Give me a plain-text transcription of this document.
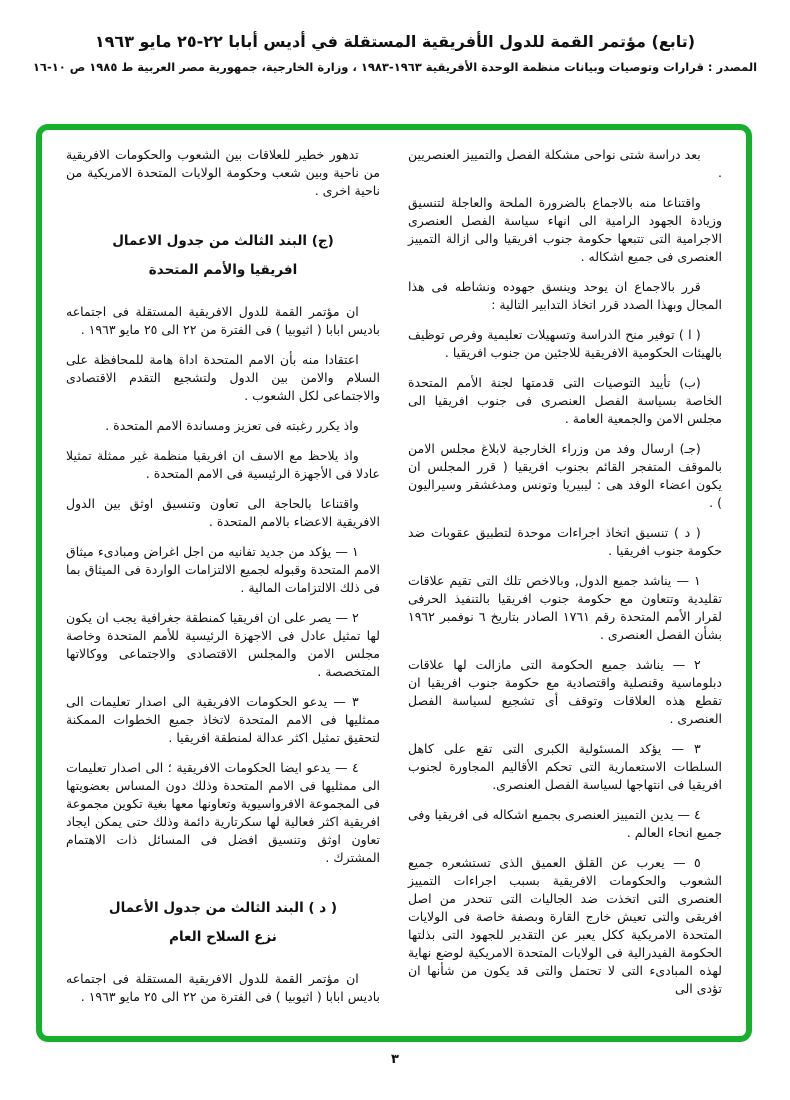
(تابع) مؤتمر القمة للدول الأفريقية المستقلة في أديس أبابا ٢٢-٢٥ مايو ١٩٦٣
المصدر : قرارات وتوصيات وبيانات منظمة الوحدة الأفريقية ١٩٦٣-١٩٨٣ ، وزارة الخارجية، جمهورية مصر العربية ط ١٩٨٥ ص ١٠-١٦
بعد دراسة شتى نواحى مشكلة الفصل والتمييز العنصريين .
واقتناعا منه بالاجماع بالضرورة الملحة والعاجلة لتنسيق وزيادة الجهود الرامية الى انهاء سياسة الفصل العنصرى الاجرامية التى تتبعها حكومة جنوب افريقيا والى ازالة التمييز العنصرى فى جميع اشكاله .
قرر بالاجماع ان يوحد وينسق جهوده ونشاطه فى هذا المجال وبهذا الصدد قرر اتخاذ التدابير التالية :
( ا ) توفير منح الدراسة وتسهيلات تعليمية وفرص توظيف بالهيئات الحكومية الافريقية للاجئين من جنوب افريقيا .
(ب) تأييد التوصيات التى قدمتها لجنة الأمم المتحدة الخاصة بسياسة الفصل العنصرى فى جنوب افريقيا الى مجلس الامن والجمعية العامة .
(جـ) ارسال وفد من وزراء الخارجية لابلاغ مجلس الامن بالموقف المتفجر القائم بجنوب افريقيا ( قرر المجلس ان يكون اعضاء الوفد هى : ليبيريا وتونس ومدغشقر وسيراليون ) .
( د ) تنسيق اتخاذ اجراءات موحدة لتطبيق عقوبات ضد حكومة جنوب افريقيا .
١ — يناشد جميع الدول, وبالاخص تلك التى تقيم علاقات تقليدية وتتعاون مع حكومة جنوب افريقيا بالتنفيذ الحرفى لقرار الأمم المتحدة رقم ١٧٦١ الصادر بتاريخ ٦ نوفمبر ١٩٦٢ بشأن الفصل العنصرى .
٢ — يناشد جميع الحكومة التى مازالت لها علاقات دبلوماسية وقنصلية واقتصادية مع حكومة جنوب افريقيا ان تقطع هذه العلاقات وتوقف أى تشجيع لسياسة الفصل العنصرى .
٣ — يؤكد المسئولية الكبرى التى تقع على كاهل السلطات الاستعمارية التى تحكم الأقاليم المجاورة لجنوب افريقيا فى انتهاجها لسياسة الفصل العنصرى.
٤ — يدين التمييز العنصرى بجميع اشكاله فى افريقيا وفى جميع انحاء العالم .
٥ — يعرب عن القلق العميق الذى تستشعره جميع الشعوب والحكومات الافريقية بسبب اجراءات التمييز العنصرى التى اتخذت ضد الجاليات التى تنحدر من اصل افريقى والتى تعيش خارج القارة وبصفة خاصة فى الولايات المتحدة الامريكية ككل يعبر عن التقدير للجهود التى بذلتها الحكومة الفيدرالية فى الولايات المتحدة الامريكية لوضع نهاية لهذه المبادىء التى لا تحتمل والتى قد يكون من شأنها ان تؤدى الى
تدهور خطير للعلاقات بين الشعوب والحكومات الافريقية من ناحية وبين شعب وحكومة الولايات المتحدة الامريكية من ناحية اخرى .
(ج) البند الثالث من جدول الاعمال
افريقيا والأمم المتحدة
ان مؤتمر القمة للدول الافريقية المستقلة فى اجتماعه باديس ابابا ( اثيوبيا ) فى الفترة من ٢٢ الى ٢٥ مايو ١٩٦٣ .
اعتقادا منه بأن الامم المتحدة اداة هامة للمحافظة على السلام والامن بين الدول ولتشجيع التقدم الاقتصادى والاجتماعى لكل الشعوب .
واذ يكرر رغبته فى تعزيز ومساندة الامم المتحدة .
واذ يلاحظ مع الاسف ان افريقيا منظمة غير ممثلة تمثيلا عادلا فى الأجهزة الرئيسية فى الامم المتحدة .
واقتناعا بالحاجة الى تعاون وتنسيق اوثق بين الدول الافريقية الاعضاء بالامم المتحدة .
١ — يؤكد من جديد تفانيه من اجل اغراض ومبادىء ميثاق الامم المتحدة وقبوله لجميع الالتزامات الواردة فى الميثاق بما فى ذلك الالتزامات المالية .
٢ — يصر على ان افريقيا كمنطقة جغرافية يجب ان يكون لها تمثيل عادل فى الاجهزة الرئيسية للأمم المتحدة وخاصة مجلس الامن والمجلس الاقتصادى والاجتماعى ووكالاتها المتخصصة .
٣ — يدعو الحكومات الافريقية الى اصدار تعليمات الى ممثليها فى الامم المتحدة لاتخاذ جميع الخطوات الممكنة لتحقيق تمثيل اكثر عدالة لمنطقة افريقيا .
٤ — يدعو ايضا الحكومات الافريقية ؛ الى اصدار تعليمات الى ممثليها فى الامم المتحدة وذلك دون المساس بعضويتها فى المجموعة الافرواسيوية وتعاونها معها بغية تكوين مجموعة افريقية اكثر فعالية لها سكرتارية دائمة وذلك حتى يمكن ايجاد تعاون اوثق وتنسيق افضل فى المسائل ذات الاهتمام المشترك .
( د ) البند الثالث من جدول الأعمال
نزع السلاح العام
ان مؤتمر القمة للدول الافريقية المستقلة فى اجتماعه باديس ابابا ( اثيوبيا ) فى الفترة من ٢٢ الى ٢٥ مايو ١٩٦٣ .
٣
